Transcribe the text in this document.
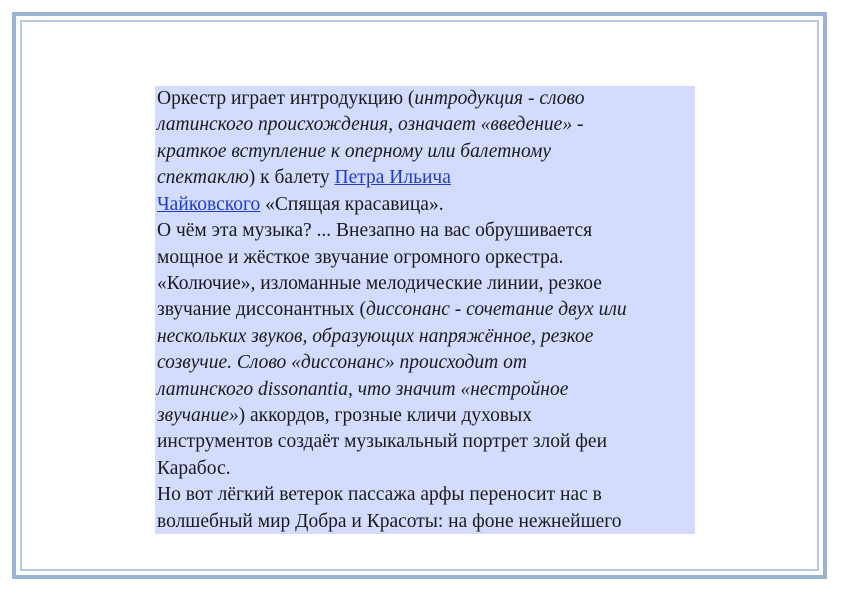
Оркестр играет интродукцию (интродукция - слово
латинского происхождения, означает «введение» -
краткое вступление к оперному или балетному
спектаклю) к балету Петра Ильича
Чайковского «Спящая красавица».
О чём эта музыка? ... Внезапно на вас обрушивается
мощное и жёсткое звучание огромного оркестра.
«Колючие», изломанные мелодические линии, резкое
звучание диссонантных (диссонанс - сочетание двух или
нескольких звуков, образующих напряжённое, резкое
созвучие. Слово «диссонанс» происходит от
латинского dissonantia, что значит «нестройное
звучание») аккордов, грозные кличи духовых
инструментов создаёт музыкальный портрет злой феи
Карабос.
Но вот лёгкий ветерок пассажа арфы переносит нас в
волшебный мир Добра и Красоты: на фоне нежнейшего
